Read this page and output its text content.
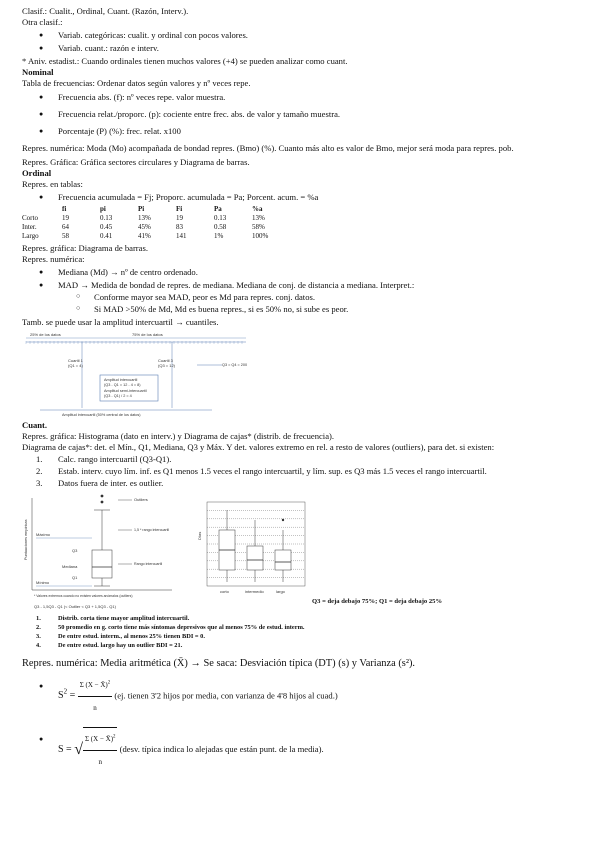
Clasif.: Cualit., Ordinal, Cuant. (Razón, Interv.).

Otra clasif.:

● Variab. categóricas: cualit. y ordinal con pocos valores.
● Variab. cuant.: razón e interv.

* Aniv. estadist.: Cuando ordinales tienen muchos valores (+4) se pueden analizar como cuant.

Nominal

Tabla de frecuencias: Ordenar datos según valores y nº veces repe.

● Frecuencia abs. (f): nº veces repe. valor muestra.
● Frecuencia relat./proporc. (p): cociente entre frec. abs. de valor y tamaño muestra.
● Porcentaje (P) (%): frec. relat. x100

Repres. numérica: Moda (Mo) acompañada de bondad repres. (Bmo) (%). Cuanto más alto es valor de Bmo, mejor será moda para repres. pob.

Repres. Gráfica: Gráfica sectores circulares y Diagrama de barras.

Ordinal

Repres. en tablas:

● Frecuencia acumulada = Fj; Proporc. acumulada = Pa; Porcent. acum. = %a
	fi	pi	Pi	Fi	Pa	%a
Corto	19	0.13	13%	19	0.13	13%
Inter.	64	0.45	45%	83	0.58	58%
Largo	58	0.41	41%	141	1%	100%

Repres. gráfica: Diagrama de barras.

Repres. numérica:

● Mediana (Md) → nº de centro ordenado.
● MAD → Medida de bondad de repres. de mediana. Mediana de conj. de distancia a mediana. Interpret.:
○ Conforme mayor sea MAD, peor es Md para repres. conj. datos.
○ Si MAD >50% de Md, Md es buena repres., si es 50% no, si sube es peor.

Tamb. se puede usar la amplitud intercuartil → cuantiles.

25% de los datos	75% de los datos
Cuartil 1
(Q1 = 4)
Cuartil 3
(Q3 = 12)	Q3 = Q4 = 200
Amplitud intercuartil
(Q3 - Q1 = 12 - 4 = 8)
Amplitud semi-intercuartil
(Q3 - Q1) / 2 = 4
Amplitud intercuartil (50% central de los datos)

Cuant.

Repres. gráfica: Histograma (dato en interv.) y Diagrama de cajas* (distrib. de frecuencia).

Diagrama de cajas*: det. el Mín., Q1, Mediana, Q3 y Máx. Y det. valores extremo en rel. a resto de valores (outliers), para det. si existen:

1. Calc. rango intercuartil (Q3-Q1).
2. Estab. interv. cuyo lím. inf. es Q1 menos 1.5 veces el rango intercuartil, y lím. sup. es Q3 más 1.5 veces el rango intercuartil.
3. Datos fuera de inter. es outlier.
Puntuaciones empíricas
Outliers
1,5 * rango intercuartil
Rango intercuartil
Máximo
Q3
Mediana
Q1
Mínimo
* Valores extremos cuando no existen valores anómalos (outliers)
Q3 - 1,5Q3 - Q1 (< Outlier < Q3 + 1,5Q3 - Q1)
Días
corto	intermedio	largo
Q3 = deja debajo 75%; Q1 = deja debajo 25%
1.	Distrib. corta tiene mayor amplitud intercuartil.
2.	50 promedio en g. corto tiene más síntomas depresivos que al menos 75% de estud. interm.
3.	De entre estud. interm., al menos 25% tienen BDI = 0.
4.	De entre estud. largo hay un outlier BDI = 21.

Repres. numérica: Media aritmética (X̄) → Se saca: Desviación típica (DT) (s) y Varianza (s²).

● $S^2 = \frac{\Sigma (X - X̄)^2}{n} (ej$. tienen 3'2 hijos por media, con varianza de 4'8 hijos al cuad.)
● S = √ $\frac{\Sigma (X - X̄)^2}{n}$ (desv. típica indica lo alejadas que están punt. de la media).
